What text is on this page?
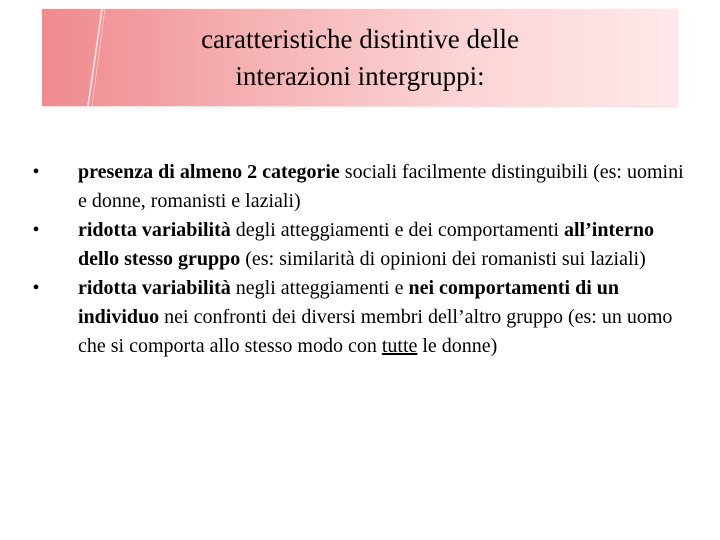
caratteristiche distintive delle
interazioni intergruppi:
•	presenza di almeno 2 categorie sociali facilmente distinguibili (es: uomini e donne, romanisti e laziali)
•	ridotta variabilità degli atteggiamenti e dei comportamenti all’interno dello stesso gruppo (es: similarità di opinioni dei romanisti sui laziali)
•	ridotta variabilità negli atteggiamenti e nei comportamenti di un individuo nei confronti dei diversi membri dell’altro gruppo (es: un uomo che si comporta allo stesso modo con tutte le donne)
